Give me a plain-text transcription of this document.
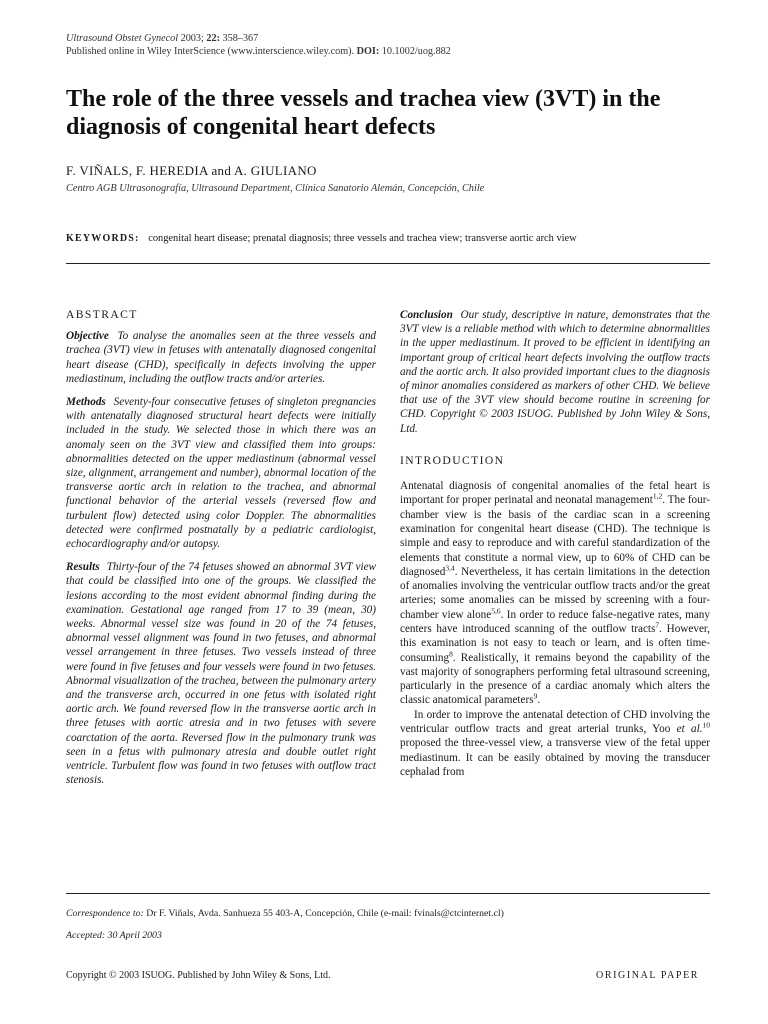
Ultrasound Obstet Gynecol 2003; 22: 358–367
Published online in Wiley InterScience (www.interscience.wiley.com). DOI: 10.1002/uog.882
The role of the three vessels and trachea view (3VT) in the diagnosis of congenital heart defects
F. VIÑALS, F. HEREDIA and A. GIULIANO
Centro AGB Ultrasonografía, Ultrasound Department, Clínica Sanatorio Alemán, Concepción, Chile
KEYWORDS: congenital heart disease; prenatal diagnosis; three vessels and trachea view; transverse aortic arch view
ABSTRACT

Objective To analyse the anomalies seen at the three vessels and trachea (3VT) view in fetuses with antenatally diagnosed congenital heart disease (CHD), specifically in defects involving the upper mediastinum, including the outflow tracts and/or arteries.

Methods Seventy-four consecutive fetuses of singleton pregnancies with antenatally diagnosed structural heart defects were initially included in the study. We selected those in which there was an anomaly seen on the 3VT view and classified them into groups: abnormalities detected on the upper mediastinum (abnormal vessel size, alignment, arrangement and number), abnormal location of the transverse aortic arch in relation to the trachea, and abnormal functional behavior of the arterial vessels (reversed flow and turbulent flow) detected using color Doppler. The abnormalities detected were confirmed postnatally by a pediatric cardiologist, echocardiography and/or autopsy.

Results Thirty-four of the 74 fetuses showed an abnormal 3VT view that could be classified into one of the groups. We classified the lesions according to the most evident abnormal finding during the examination. Gestational age ranged from 17 to 39 (mean, 30) weeks. Abnormal vessel size was found in 20 of the 74 fetuses, abnormal vessel alignment was found in two fetuses, and abnormal vessel arrangement in three fetuses. Two vessels instead of three were found in five fetuses and four vessels were found in two fetuses. Abnormal visualization of the trachea, between the pulmonary artery and the transverse arch, occurred in one fetus with isolated right aortic arch. We found reversed flow in the transverse aortic arch in three fetuses with aortic atresia and in two fetuses with severe coarctation of the aorta. Reversed flow in the pulmonary trunk was seen in a fetus with pulmonary atresia and double outlet right ventricle. Turbulent flow was found in two fetuses with outflow tract stenosis.

Conclusion Our study, descriptive in nature, demonstrates that the 3VT view is a reliable method with which to determine abnormalities in the upper mediastinum. It proved to be efficient in identifying an important group of critical heart defects involving the outflow tracts and the aortic arch. It also provided important clues to the diagnosis of minor anomalies considered as markers of other CHD. We believe that use of the 3VT view should become routine in screening for CHD. Copyright © 2003 ISUOG. Published by John Wiley & Sons, Ltd.

INTRODUCTION

Antenatal diagnosis of congenital anomalies of the fetal heart is important for proper perinatal and neonatal management$^{1,2}$. The four-chamber view is the basis of the cardiac scan in a screening examination for congenital heart disease (CHD). The technique is simple and easy to reproduce and with careful standardization of the elements that constitute a normal view, up to 60% of CHD can be diagnosed$^{3,4}$. Nevertheless, it has certain limitations in the detection of anomalies involving the ventricular outflow tracts and/or the great arteries; some anomalies can be missed by screening with a four-chamber view alone$^{5,6}$. In order to reduce false-negative rates, many centers have introduced scanning of the outflow tracts$^7$. However, this examination is not easy to teach or learn, and is often time-consuming$^8$. Realistically, it remains beyond the capability of the vast majority of sonographers performing fetal ultrasound screening, particularly in the presence of a cardiac anomaly which alters the classic anatomical parameters$^9$.

In order to improve the antenatal detection of CHD involving the ventricular outflow tracts and great arterial trunks, Yoo et al.$^{10}$ proposed the three-vessel view, a transverse view of the fetal upper mediastinum. It can be easily obtained by moving the transducer cephalad from

Correspondence to: Dr F. Viñals, Avda. Sanhueza 55 403-A, Concepción, Chile (e-mail: fvinals@ctcinternet.cl)
Accepted: 30 April 2003
Copyright © 2003 ISUOG. Published by John Wiley & Sons, Ltd.	ORIGINAL PAPER
